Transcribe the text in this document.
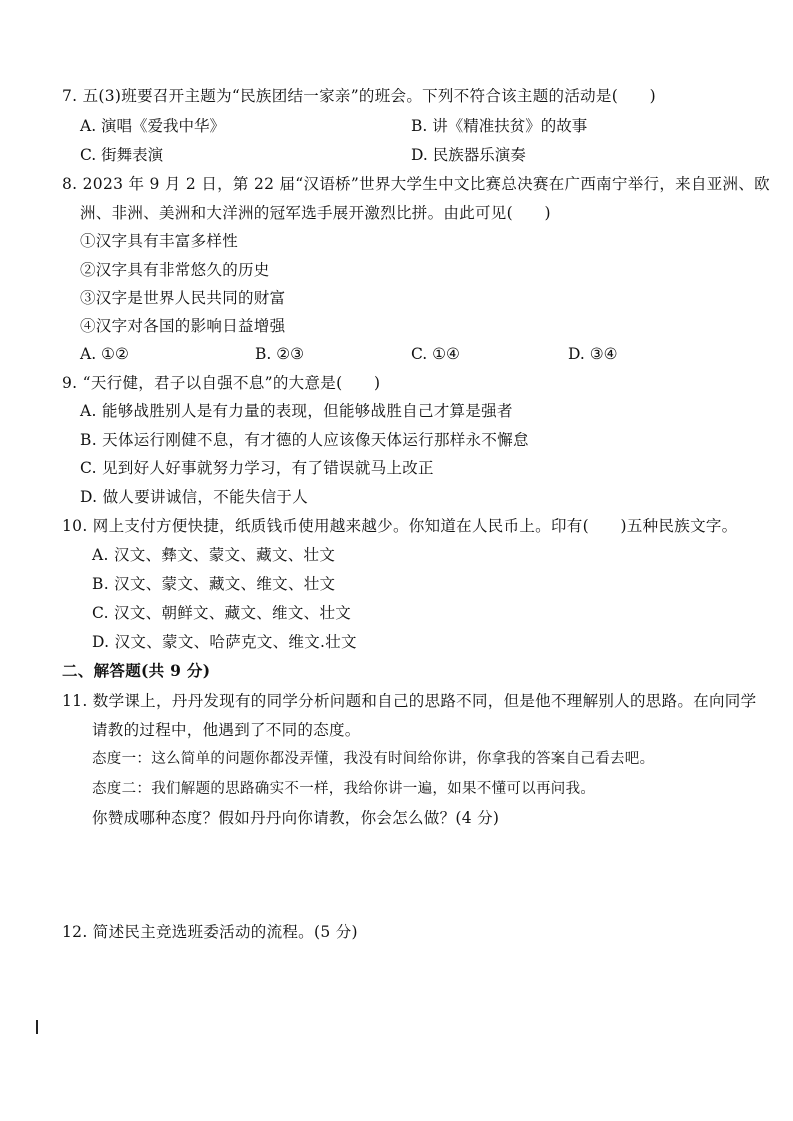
7. 五(3)班要召开主题为“民族团结一家亲”的班会。下列不符合该主题的活动是(　　)
A. 演唱《爱我中华》	B. 讲《精准扶贫》的故事
C. 街舞表演	D. 民族器乐演奏
8. 2023 年 9 月 2 日，第 22 届“汉语桥”世界大学生中文比赛总决赛在广西南宁举行，来自亚洲、欧
洲、非洲、美洲和大洋洲的冠军选手展开激烈比拼。由此可见(　　)
①汉字具有丰富多样性
②汉字具有非常悠久的历史
③汉字是世界人民共同的财富
④汉字对各国的影响日益增强
A. ①②	B. ②③	C. ①④	D. ③④
9. “天行健，君子以自强不息”的大意是(　　)
A. 能够战胜别人是有力量的表现，但能够战胜自己才算是强者
B. 天体运行刚健不息，有才德的人应该像天体运行那样永不懈怠
C. 见到好人好事就努力学习，有了错误就马上改正
D. 做人要讲诚信，不能失信于人
10. 网上支付方便快捷，纸质钱币使用越来越少。你知道在人民币上。印有(　　)五种民族文字。
A. 汉文、彝文、蒙文、藏文、壮文
B. 汉文、蒙文、藏文、维文、壮文
C. 汉文、朝鲜文、藏文、维文、壮文
D. 汉文、蒙文、哈萨克文、维文.壮文
二、解答题(共 9 分)
11. 数学课上，丹丹发现有的同学分析问题和自己的思路不同，但是他不理解别人的思路。在向同学
请教的过程中，他遇到了不同的态度。
态度一：这么简单的问题你都没弄懂，我没有时间给你讲，你拿我的答案自己看去吧。
态度二：我们解题的思路确实不一样，我给你讲一遍，如果不懂可以再问我。
你赞成哪种态度？假如丹丹向你请教，你会怎么做？(4 分)
12. 简述民主竞选班委活动的流程。(5 分)
